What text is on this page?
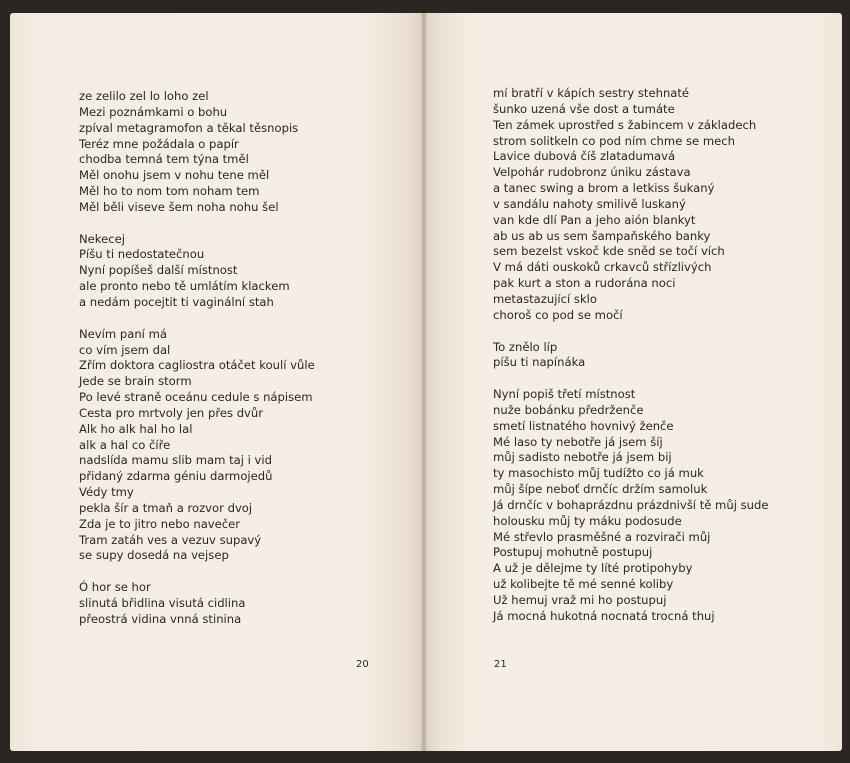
ze zelilo zel lo loho zel
Mezi poznámkami o bohu
zpíval metagramofon a těkal těsnopis
Teréz mne požádala o papír
chodba temná tem týna tměl
Měl onohu jsem v nohu tene měl
Měl ho to nom tom noham tem
Měl běli viseve šem noha nohu šel
Nekecej
Píšu ti nedostatečnou
Nyní popíšeš další místnost
ale pronto nebo tě umlátím klackem
a nedám pocejtit ti vaginální stah
Nevím paní má
co vím jsem dal
Zřím doktora cagliostra otáčet koulí vůle
Jede se brain storm
Po levé straně oceánu cedule s nápisem
Cesta pro mrtvoly jen přes dvůr
Alk ho alk hal ho lal
alk a hal co číře
nadslída mamu slib mam taj i vid
přidaný zdarma géniu darmojedů
Védy tmy
pekla šír a tmaň a rozvor dvoj
Zda je to jitro nebo navečer
Tram zatáh ves a vezuv supavý
se supy dosedá na vejsep
Ó hor se hor
slinutá břidlina visutá cidlina
přeostrá vidina vnná stinina
mí bratří v kápích sestry stehnaté
šunko uzená vše dost a tumáte
Ten zámek uprostřed s žabincem v základech
strom solitkeln co pod ním chme se mech
Lavice dubová číš zlatadumavá
Velpohár rudobronz úniku zástava
a tanec swing a brom a letkiss šukaný
v sandálu nahoty smilivě luskaný
van kde dlí Pan a jeho aión blankyt
ab us ab us sem šampaňského banky
sem bezelst vskoč kde sněd se točí vích
V má dáti ouskoků crkavců střízlivých
pak kurt a ston a rudorána noci
metastazující sklo
choroš co pod se močí
To znělo líp
píšu ti napínáka
Nyní popiš třetí místnost
nuže bobánku předrženče
smetí listnatého hovnivý ženče
Mé laso ty nebotře já jsem šíj
můj sadisto nebotře já jsem bij
ty masochisto můj tudížto co já muk
můj šípe neboť drnčíc držím samoluk
Já drnčíc v bohaprázdnu prázdnivší tě můj sude
holousku můj ty máku podosude
Mé střevlo prasměšné a rozvirači můj
Postupuj mohutně postupuj
A už je dělejme ty líté protipohyby
už kolibejte tě mé senné koliby
Už hemuj vraž mi ho postupuj
Já mocná hukotná nocnatá trocná thuj
20	21
